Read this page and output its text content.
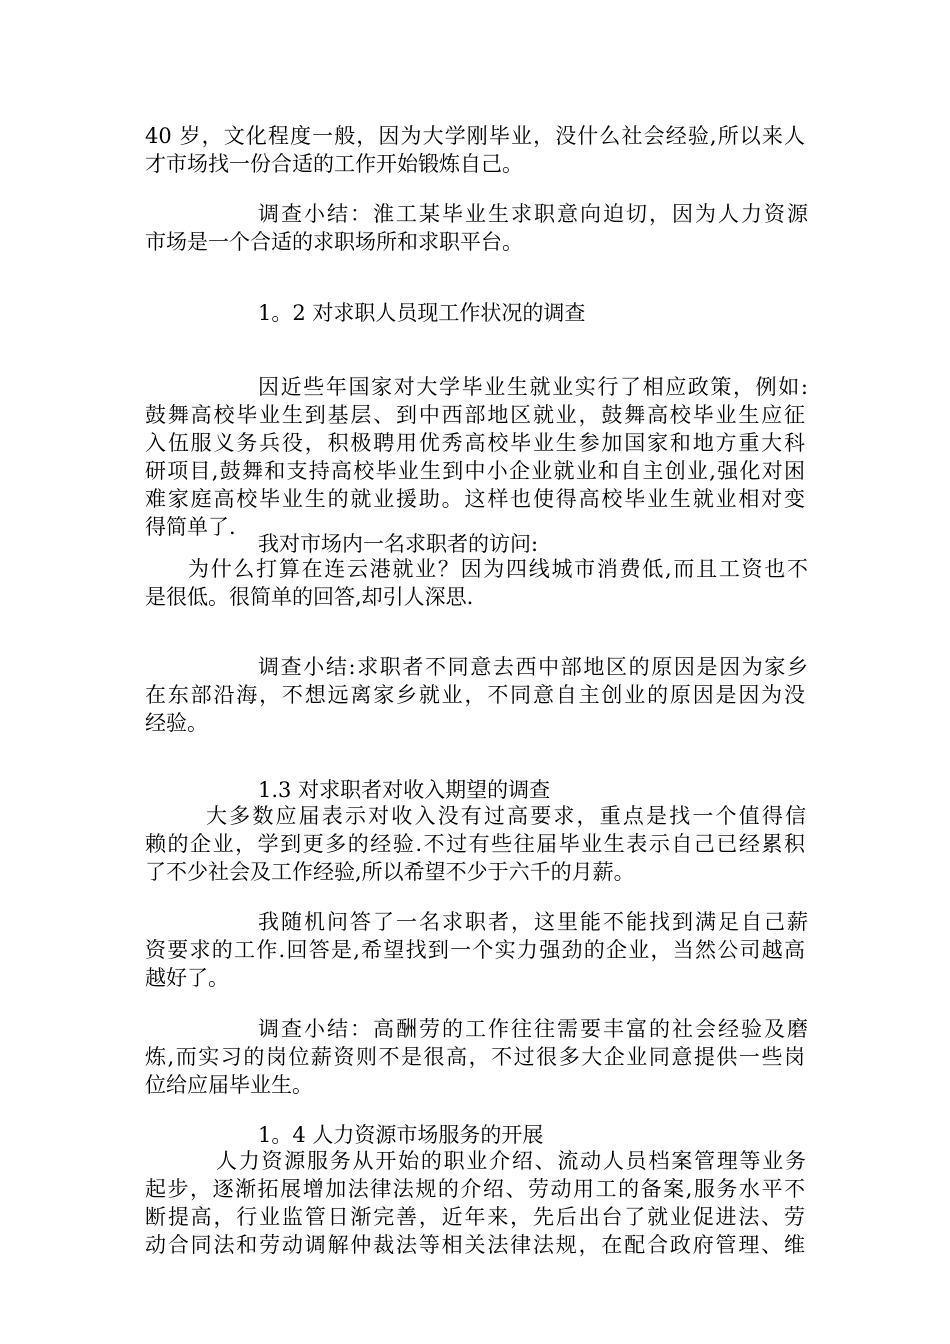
40 岁，文化程度一般，因为大学刚毕业，没什么社会经验,所以来人
才市场找一份合适的工作开始锻炼自己。
调查小结：淮工某毕业生求职意向迫切，因为人力资源
市场是一个合适的求职场所和求职平台。
1。2 对求职人员现工作状况的调查
因近些年国家对大学毕业生就业实行了相应政策，例如:
鼓舞高校毕业生到基层、到中西部地区就业，鼓舞高校毕业生应征
入伍服义务兵役，积极聘用优秀高校毕业生参加国家和地方重大科
研项目,鼓舞和支持高校毕业生到中小企业就业和自主创业,强化对困
难家庭高校毕业生的就业援助。这样也使得高校毕业生就业相对变
得简单了.
我对市场内一名求职者的访问:
为什么打算在连云港就业？因为四线城市消费低,而且工资也不
是很低。很简单的回答,却引人深思.
调查小结:求职者不同意去西中部地区的原因是因为家乡
在东部沿海，不想远离家乡就业，不同意自主创业的原因是因为没
经验。
1.3 对求职者对收入期望的调查
大多数应届表示对收入没有过高要求，重点是找一个值得信
赖的企业，学到更多的经验.不过有些往届毕业生表示自己已经累积
了不少社会及工作经验,所以希望不少于六千的月薪。
我随机问答了一名求职者，这里能不能找到满足自己薪
资要求的工作.回答是,希望找到一个实力强劲的企业，当然公司越高
越好了。
调查小结：高酬劳的工作往往需要丰富的社会经验及磨
炼,而实习的岗位薪资则不是很高，不过很多大企业同意提供一些岗
位给应届毕业生。
1。4 人力资源市场服务的开展
人力资源服务从开始的职业介绍、流动人员档案管理等业务
起步，逐渐拓展增加法律法规的介绍、劳动用工的备案,服务水平不
断提高，行业监管日渐完善，近年来，先后出台了就业促进法、劳
动合同法和劳动调解仲裁法等相关法律法规，在配合政府管理、维
